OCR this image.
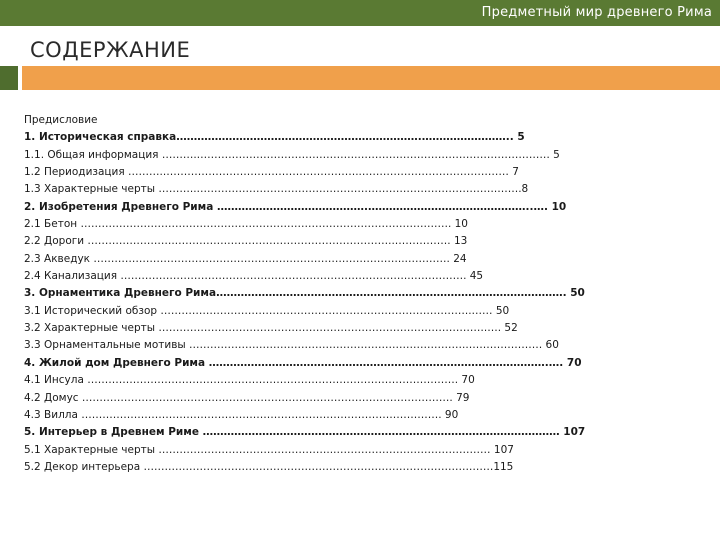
Предметный мир древнего Рима
СОДЕРЖАНИЕ
Предисловие
1. Историческая справка…………………………………………………………….…………………….. 5
1.1. Общая информация ……….………………………………………..……………………………………………… 5
1.2 Периодизация ………..………………………………………………..…………………………………… 7
1.3 Характерные черты ………..……………………………….………………………………………….…….8
2. Изобретения Древнего Рима …………………………………….………………………………………..…. 10
2.1 Бетон ……………………………………………………………………………………………. 10
2.2 Дороги ……………………..……………………………………………………..……………. 13
2.3 Акведук ……………………………………………………………………………..…………. 24
2.4 Канализация ………………………………………………………………………..……………. 45
3. Орнаментика Древнего Рима………………………………………………………………………………………. 50
3.1 Исторический обзор ……………………………………………………………………………..…… 50
3.2 Характерные черты ………………………………………………………………………………….…. 52
3.3 Орнаментальные мотивы ……………………………………………………………………..………………… 60
4. Жилой дом Древнего Рима …………………………………………………………………………………….…. 70
4.1 Инсула ……………………………………………………………………………………………. 70
4.2 Домус ……………………………………………………………………………………………. 79
4.3 Вилла …………………………………………………………………………………………. 90
5. Интерьер в Древнем Риме ………………………………………………………………………………………… 107
5.1 Характерные черты …………………………………………..……………………………………… 107
5.2 Декор интерьера ………………………………………………………………………………….……115
